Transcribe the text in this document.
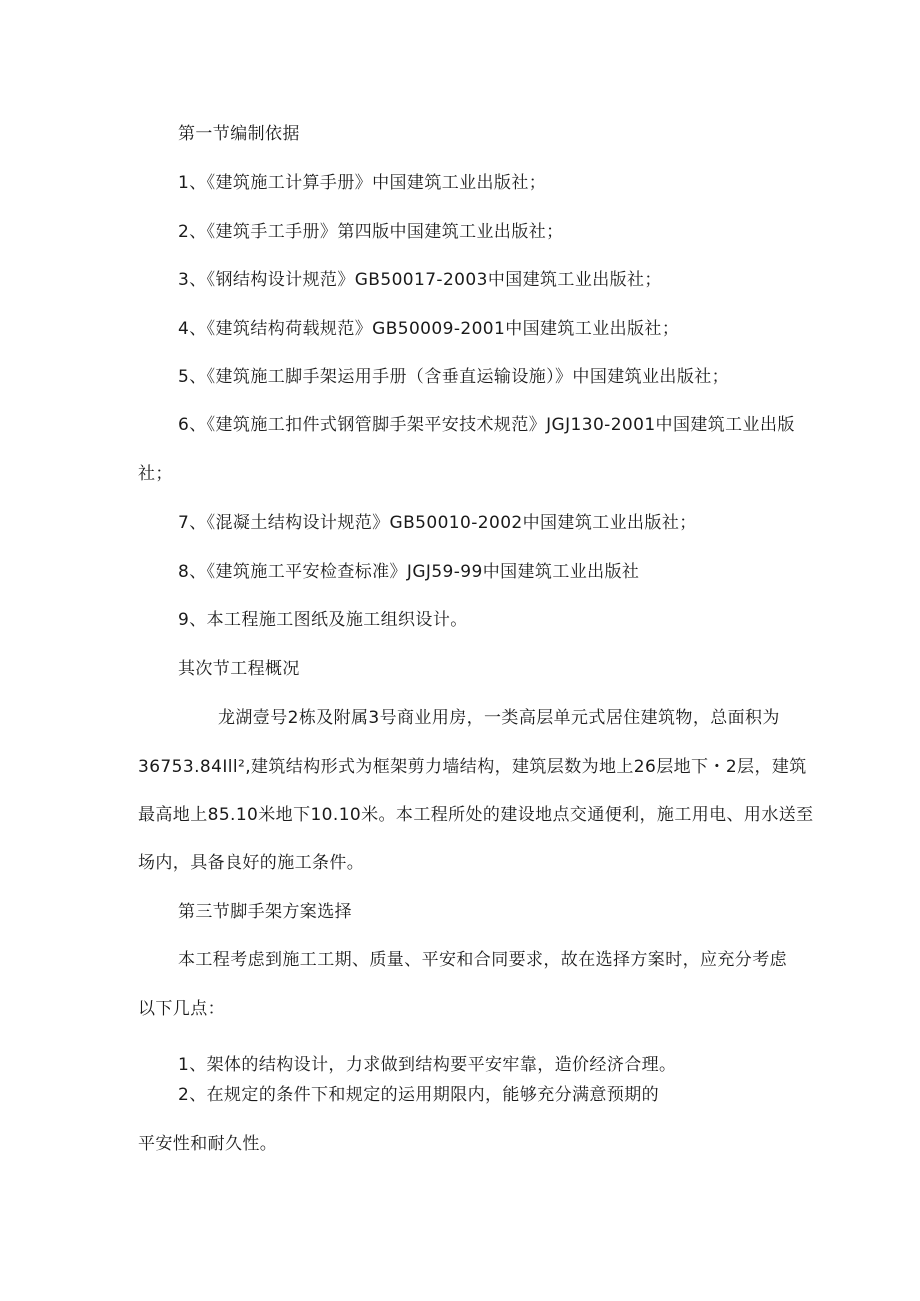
第一节编制依据
1、《建筑施工计算手册》中国建筑工业出版社；
2、《建筑手工手册》第四版中国建筑工业出版社；
3、《钢结构设计规范》GB50017-2003中国建筑工业出版社；
4、《建筑结构荷载规范》GB50009-2001中国建筑工业出版社；
5、《建筑施工脚手架运用手册（含垂直运输设施）》中国建筑业出版社；
6、《建筑施工扣件式钢管脚手架平安技术规范》JGJ130-2001中国建筑工业出版
社；
7、《混凝土结构设计规范》GB50010-2002中国建筑工业出版社；
8、《建筑施工平安检查标准》JGJ59-99中国建筑工业出版社
9、本工程施工图纸及施工组织设计。
其次节工程概况
龙湖壹号2栋及附属3号商业用房，一类高层单元式居住建筑物，总面积为
36753.84Ill²,建筑结构形式为框架剪力墙结构，建筑层数为地上26层地下・2层，建筑
最高地上85.10米地下10.10米。本工程所处的建设地点交通便利，施工用电、用水送至
场内，具备良好的施工条件。
第三节脚手架方案选择
本工程考虑到施工工期、质量、平安和合同要求，故在选择方案时，应充分考虑
以下几点：
1、架体的结构设计，力求做到结构要平安牢靠，造价经济合理。
2、在规定的条件下和规定的运用期限内，能够充分满意预期的
平安性和耐久性。
